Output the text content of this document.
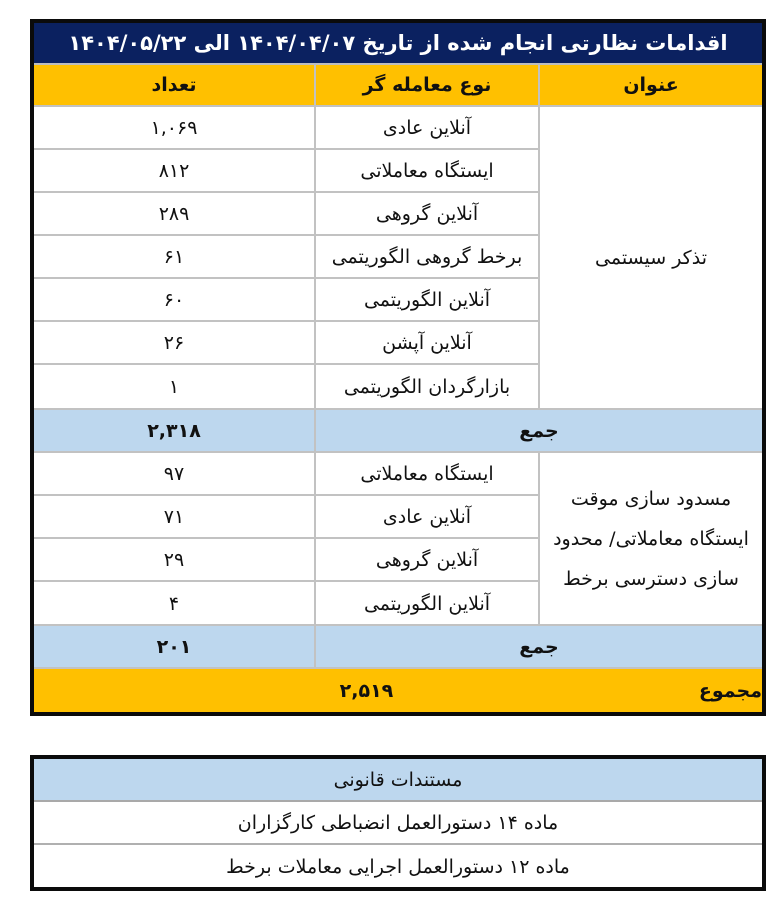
اقدامات نظارتی انجام شده از تاریخ ۱۴۰۴/۰۴/۰۷ الی ۱۴۰۴/۰۵/۲۲
عنوان
نوع معامله گر
تعداد
تذکر سیستمی
آنلاین عادی
۱,۰۶۹
ایستگاه معاملاتی
۸۱۲
آنلاین گروهی
۲۸۹
برخط گروهی الگوریتمی
۶۱
آنلاین الگوریتمی
۶۰
آنلاین آپشن
۲۶
بازارگردان الگوریتمی
۱
جمع
۲,۳۱۸
مسدود سازی موقت ایستگاه معاملاتی/ محدود سازی دسترسی برخط
ایستگاه معاملاتی
۹۷
آنلاین عادی
۷۱
آنلاین گروهی
۲۹
آنلاین الگوریتمی
۴
جمع
۲۰۱
مجموع
۲,۵۱۹
مستندات قانونی
ماده ۱۴ دستورالعمل انضباطی کارگزاران
ماده ۱۲ دستورالعمل اجرایی معاملات برخط
